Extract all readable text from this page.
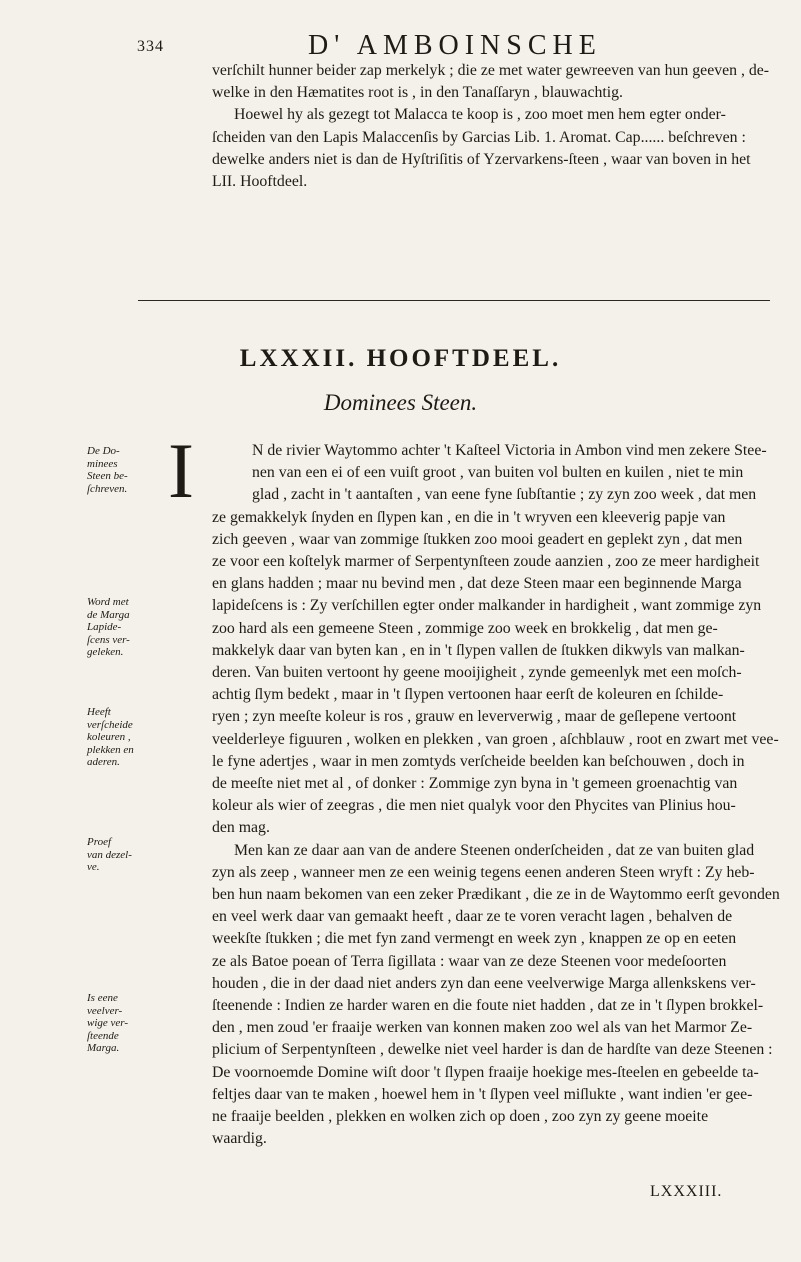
334	D' AMBOINSCHE
verſchilt hunner beider zap merkelyk ; die ze met water gewreeven van hun geeven , de-
welke in den Hæmatites root is , in den Tanaſſaryn , blauwachtig.
Hoewel hy als gezegt tot Malacca te koop is , zoo moet men hem egter onder-
ſcheiden van den Lapis Malaccenſis by Garcias Lib. 1. Aromat. Cap...... beſchreven :
dewelke anders niet is dan de Hyſtriſitis of Yzervarkens-ſteen , waar van boven in het
LII. Hooftdeel.
LXXXII. HOOFTDEEL.
Dominees Steen.
I	N de rivier Waytommo achter 't Kaſteel Victoria in Ambon vind men zekere Stee-
nen van een ei of een vuiſt groot , van buiten vol bulten en kuilen , niet te min
glad , zacht in 't aantaſten , van eene fyne ſubſtantie ; zy zyn zoo week , dat men
ze gemakkelyk ſnyden en ſlypen kan , en die in 't wryven een kleeverig papje van
zich geeven , waar van zommige ſtukken zoo mooi geadert en geplekt zyn , dat men
ze voor een koſtelyk marmer of Serpentynſteen zoude aanzien , zoo ze meer hardigheit
en glans hadden ; maar nu bevind men , dat deze Steen maar een beginnende Marga
lapideſcens is : Zy verſchillen egter onder malkander in hardigheit , want zommige zyn
zoo hard als een gemeene Steen , zommige zoo week en brokkelig , dat men ge-
makkelyk daar van byten kan , en in 't ſlypen vallen de ſtukken dikwyls van malkan-
deren. Van buiten vertoont hy geene mooijigheit , zynde gemeenlyk met een moſch-
achtig ſlym bedekt , maar in 't ſlypen vertoonen haar eerſt de koleuren en ſchilde-
ryen ; zyn meeſte koleur is ros , grauw en leververwig , maar de geſlepene vertoont
veelderleye figuuren , wolken en plekken , van groen , aſchblauw , root en zwart met vee-
le fyne adertjes , waar in men zomtyds verſcheide beelden kan beſchouwen , doch in
de meeſte niet met al , of donker : Zommige zyn byna in 't gemeen groenachtig van
koleur als wier of zeegras , die men niet qualyk voor den Phycites van Plinius hou-
den mag.
Men kan ze daar aan van de andere Steenen onderſcheiden , dat ze van buiten glad
zyn als zeep , wanneer men ze een weinig tegens eenen anderen Steen wryft : Zy heb-
ben hun naam bekomen van een zeker Prædikant , die ze in de Waytommo eerſt gevonden
en veel werk daar van gemaakt heeft , daar ze te voren veracht lagen , behalven de
weekſte ſtukken ; die met fyn zand vermengt en week zyn , knappen ze op en eeten
ze als Batoe poean of Terra ſigillata : waar van ze deze Steenen voor medeſoorten
houden , die in der daad niet anders zyn dan eene veelverwige Marga allenkskens ver-
ſteenende : Indien ze harder waren en die foute niet hadden , dat ze in 't ſlypen brokkel-
den , men zoud 'er fraaije werken van konnen maken zoo wel als van het Marmor Ze-
plicium of Serpentynſteen , dewelke niet veel harder is dan de hardſte van deze Steenen :
De voornoemde Domine wiſt door 't ſlypen fraaije hoekige mes-ſteelen en gebeelde ta-
feltjes daar van te maken , hoewel hem in 't ſlypen veel miſlukte , want indien 'er gee-
ne fraaije beelden , plekken en wolken zich op doen , zoo zyn zy geene moeite
waardig.
De Do-
minees
Steen be-
ſchreven.
Word met
de Marga
Lapide-
ſcens ver-
geleken.
Heeft
verſcheide
koleuren ,
plekken en
aderen.
Proef
van dezel-
ve.
Is eene
veelver-
wige ver-
ſteende
Marga.
LXXXIII.
